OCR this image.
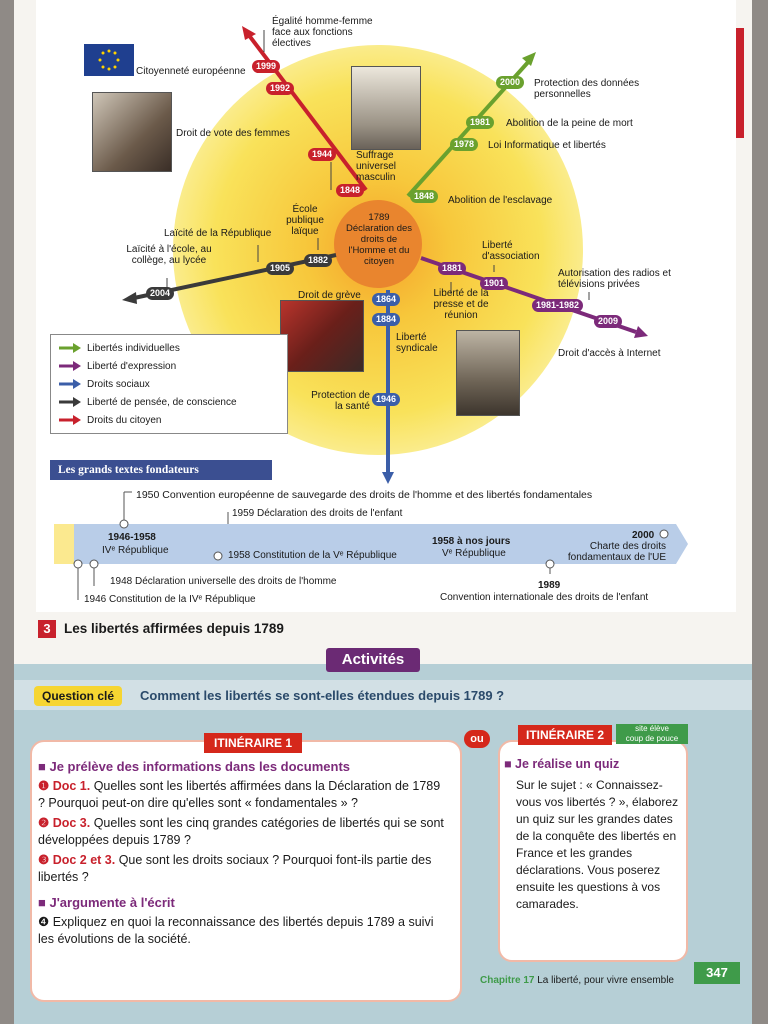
1789 Déclaration des droits de l'Homme et du citoyen
1999
1992
1944
1848
2000
1981
1978
1848
1882
1905
2004
1881
1901
1981-1982
2009
1864
1884
1946
Égalité homme-femme face aux fonctions électives
Citoyenneté européenne
Droit de vote des femmes
Suffrage universel masculin
Protection des données personnelles
Abolition de la peine de mort
Loi Informatique et libertés
Abolition de l'esclavage
École publique laïque
Laïcité de la République
Laïcité à l'école, au collège, au lycée
Liberté d'association
Liberté de la presse et de réunion
Autorisation des radios et télévisions privées
Droit d'accès à Internet
Droit de grève
Liberté syndicale
Protection de la santé
Libertés individuelles
Liberté d'expression
Droits sociaux
Liberté de pensée, de conscience
Droits du citoyen
Les grands textes fondateurs
1950 Convention européenne de sauvegarde des droits de l'homme et des libertés fondamentales
1959 Déclaration des droits de l'enfant
1946-1958
IVᵉ République	1958 Constitution de la Vᵉ République
1958 à nos jours
Vᵉ République
2000
Charte des droits fondamentaux de l'UE
1948 Déclaration universelle des droits de l'homme
1946 Constitution de la IVᵉ République
1989
Convention internationale des droits de l'enfant
3 Les libertés affirmées depuis 1789
Activités
Question clé	Comment les libertés se sont-elles étendues depuis 1789 ?
ITINÉRAIRE 1
■ Je prélève des informations dans les documents
❶ Doc 1. Quelles sont les libertés affirmées dans la Déclaration de 1789 ? Pourquoi peut-on dire qu'elles sont « fondamentales » ?
❷ Doc 3. Quelles sont les cinq grandes catégories de libertés qui se sont développées depuis 1789 ?
❸ Doc 2 et 3. Que sont les droits sociaux ? Pourquoi font-ils partie des libertés ?
■ J'argumente à l'écrit
❹ Expliquez en quoi la reconnaissance des libertés depuis 1789 a suivi les évolutions de la société.
ou	ITINÉRAIRE 2	site élève
coup de pouce
■ Je réalise un quiz
Sur le sujet : « Connaissez-vous vos libertés ? », élaborez un quiz sur les grandes dates de la conquête des libertés en France et les grandes déclarations. Vous poserez ensuite les questions à vos camarades.
Chapitre 17 La liberté, pour vivre ensemble
347
